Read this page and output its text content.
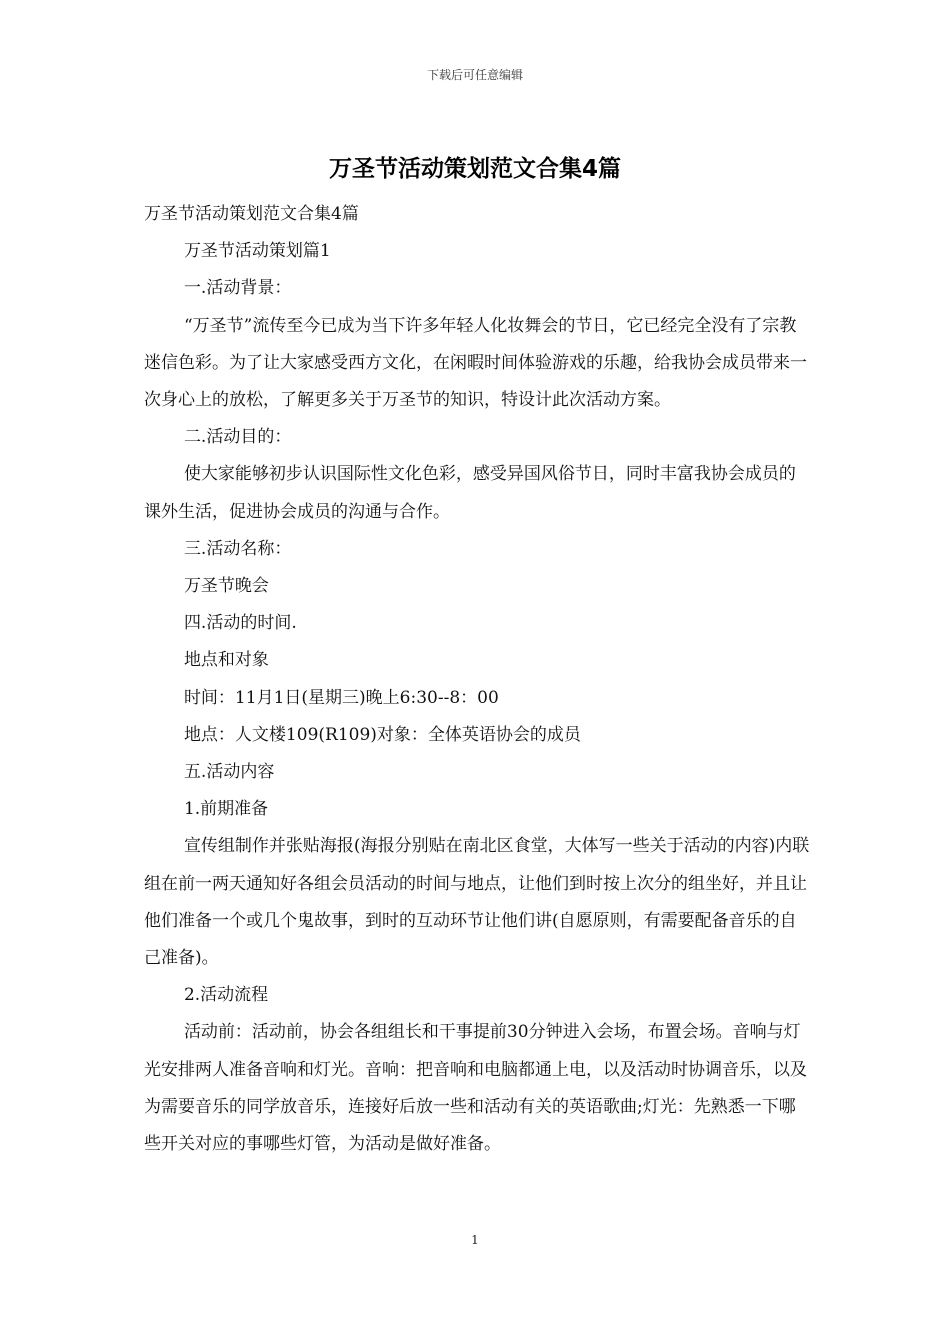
下载后可任意编辑
万圣节活动策划范文合集4篇

万圣节活动策划范文合集4篇

万圣节活动策划篇1

一.活动背景：

“万圣节”流传至今已成为当下许多年轻人化妆舞会的节日，它已经完全没有了宗教迷信色彩。为了让大家感受西方文化，在闲暇时间体验游戏的乐趣，给我协会成员带来一次身心上的放松，了解更多关于万圣节的知识，特设计此次活动方案。

二.活动目的：

使大家能够初步认识国际性文化色彩，感受异国风俗节日，同时丰富我协会成员的课外生活，促进协会成员的沟通与合作。

三.活动名称：

万圣节晚会

四.活动的时间.

地点和对象

时间：11月1日(星期三)晚上6:30--8：00

地点：人文楼109(R109)对象：全体英语协会的成员

五.活动内容

1.前期准备

宣传组制作并张贴海报(海报分别贴在南北区食堂，大体写一些关于活动的内容)内联组在前一两天通知好各组会员活动的时间与地点，让他们到时按上次分的组坐好，并且让他们准备一个或几个鬼故事，到时的互动环节让他们讲(自愿原则，有需要配备音乐的自己准备)。

2.活动流程

活动前：活动前，协会各组组长和干事提前30分钟进入会场，布置会场。音响与灯光安排两人准备音响和灯光。音响：把音响和电脑都通上电，以及活动时协调音乐，以及为需要音乐的同学放音乐，连接好后放一些和活动有关的英语歌曲;灯光：先熟悉一下哪些开关对应的事哪些灯管，为活动是做好准备。

1
